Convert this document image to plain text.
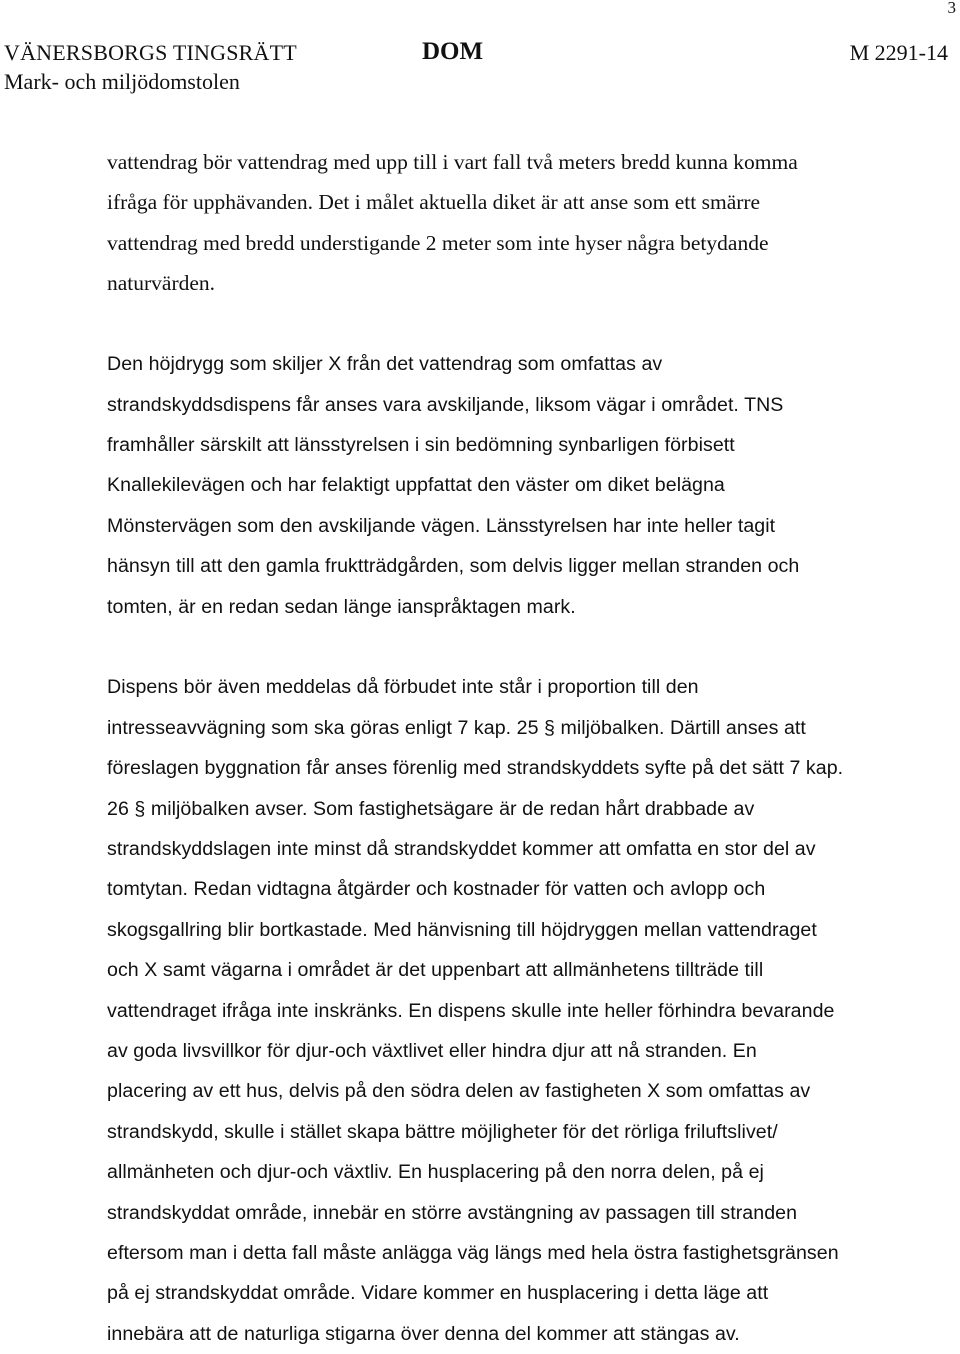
3
VÄNERSBORGS TINGSRÄTT
Mark- och miljödomstolen
DOM	M 2291-14
vattendrag bör vattendrag med upp till i vart fall två meters bredd kunna komma
ifråga för upphävanden. Det i målet aktuella diket är att anse som ett smärre
vattendrag med bredd understigande 2 meter som inte hyser några betydande
naturvärden.
Den höjdrygg som skiljer X från det vattendrag som omfattas av
strandskyddsdispens får anses vara avskiljande, liksom vägar i området. TNS
framhåller särskilt att länsstyrelsen i sin bedömning synbarligen förbisett
Knallekilevägen och har felaktigt uppfattat den väster om diket belägna
Mönstervägen som den avskiljande vägen. Länsstyrelsen har inte heller tagit
hänsyn till att den gamla fruktträdgården, som delvis ligger mellan stranden och
tomten, är en redan sedan länge ianspråktagen mark.
Dispens bör även meddelas då förbudet inte står i proportion till den
intresseavvägning som ska göras enligt 7 kap. 25 § miljöbalken. Därtill anses att
föreslagen byggnation får anses förenlig med strandskyddets syfte på det sätt 7 kap.
26 § miljöbalken avser. Som fastighetsägare är de redan hårt drabbade av
strandskyddslagen inte minst då strandskyddet kommer att omfatta en stor del av
tomtytan. Redan vidtagna åtgärder och kostnader för vatten och avlopp och
skogsgallring blir bortkastade. Med hänvisning till höjdryggen mellan vattendraget
och X samt vägarna i området är det uppenbart att allmänhetens tillträde till
vattendraget ifråga inte inskränks. En dispens skulle inte heller förhindra bevarande
av goda livsvillkor för djur-och växtlivet eller hindra djur att nå stranden. En
placering av ett hus, delvis på den södra delen av fastigheten X som omfattas av
strandskydd, skulle i stället skapa bättre möjligheter för det rörliga friluftslivet/
allmänheten och djur-och växtliv. En husplacering på den norra delen, på ej
strandskyddat område, innebär en större avstängning av passagen till stranden
eftersom man i detta fall måste anlägga väg längs med hela östra fastighetsgränsen
på ej strandskyddat område. Vidare kommer en husplacering i detta läge att
innebära att de naturliga stigarna över denna del kommer att stängas av.
